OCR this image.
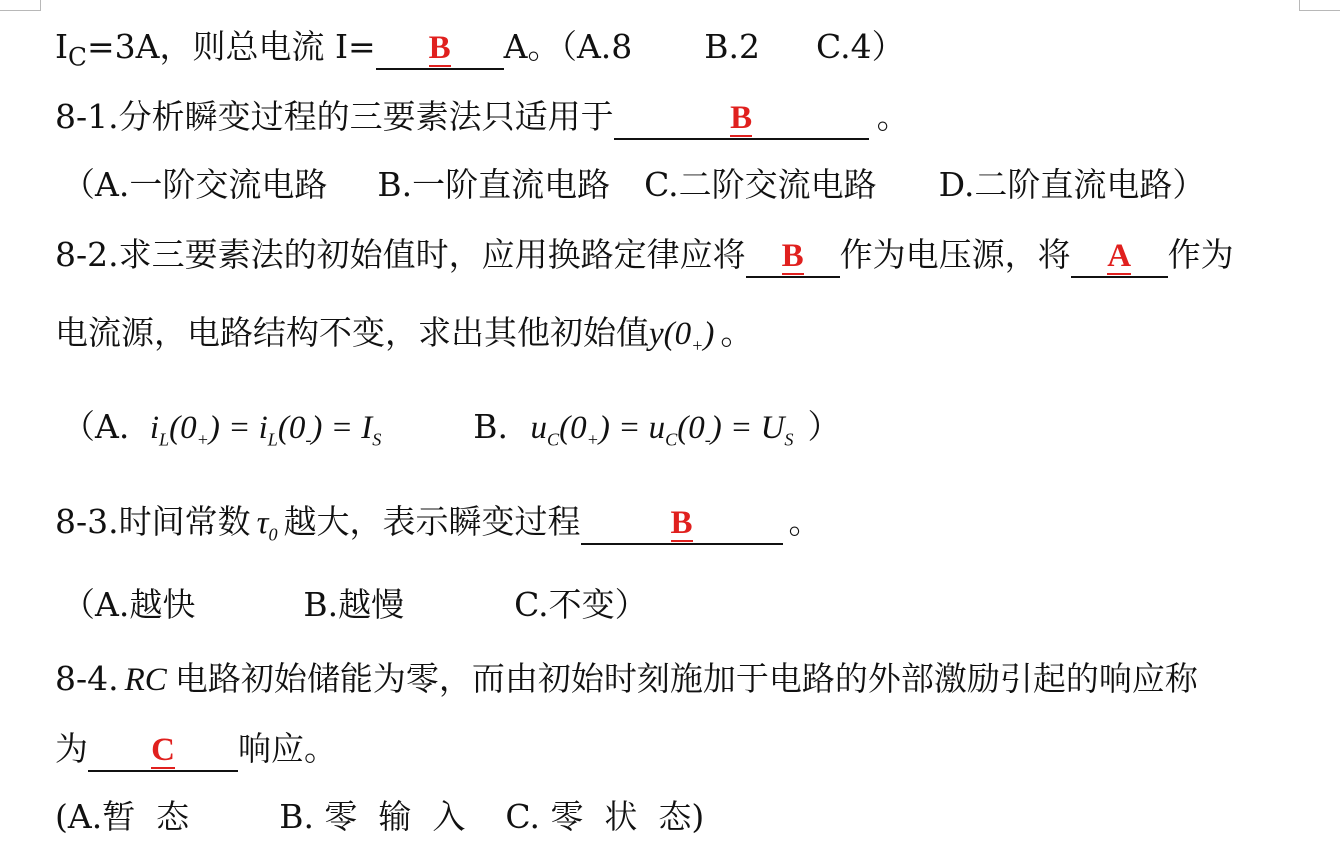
$I_C=3A$，则总电流 I= B A。（A.8 B.2 C.4）
8-1.分析瞬变过程的三要素法只适用于	B	。
（A.一阶交流电路 B.一阶直流电路 C.二阶交流电路 D.二阶直流电路）
8-2.求三要素法的初始值时，应用换路定律应将 B 作为电压源，将 A 作为
电流源，电路结构不变，求出其他初始值$y(0_+)$ 。
（A. $i_L(0_+) = i_L(0_-) = I_S$	B. $u_C(0_+) = u_C(0_-) = U_S$ ）
8-3.时间常数 $\tau_0$ 越大，表示瞬变过程	B	。
（A.越快	B.越慢	C.不变）
8-4. RC 电路初始储能为零，而由初始时刻施加于电路的外部激励引起的响应称
为 C 响应。
(A.暂  态	B. 零  输  入 C. 零  状  态)
